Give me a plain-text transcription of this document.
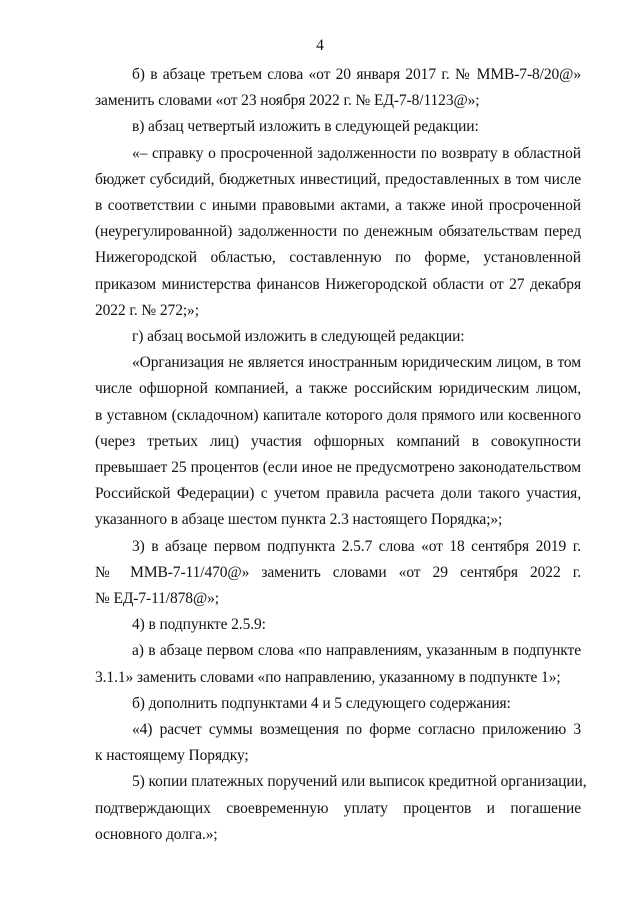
4

б) в абзаце третьем слова «от 20 января 2017 г. № ММВ-7-8/20@»
заменить словами «от 23 ноября 2022 г. № ЕД-7-8/1123@»;

в) абзац четвертый изложить в следующей редакции:

«– справку о просроченной задолженности по возврату в областной
бюджет субсидий, бюджетных инвестиций, предоставленных в том числе
в соответствии с иными правовыми актами, а также иной просроченной
(неурегулированной) задолженности по денежным обязательствам перед
Нижегородской областью, составленную по форме, установленной
приказом министерства финансов Нижегородской области от 27 декабря
2022 г. № 272;»;

г) абзац восьмой изложить в следующей редакции:

«Организация не является иностранным юридическим лицом, в том
числе офшорной компанией, а также российским юридическим лицом,
в уставном (складочном) капитале которого доля прямого или косвенного
(через третьих лиц) участия офшорных компаний в совокупности
превышает 25 процентов (если иное не предусмотрено законодательством
Российской Федерации) с учетом правила расчета доли такого участия,
указанного в абзаце шестом пункта 2.3 настоящего Порядка;»;

3) в абзаце первом подпункта 2.5.7 слова «от 18 сентября 2019 г.
№ ММВ-7-11/470@» заменить словами «от 29 сентября 2022 г.
№ ЕД-7-11/878@»;

4) в подпункте 2.5.9:

а) в абзаце первом слова «по направлениям, указанным в подпункте
3.1.1» заменить словами «по направлению, указанному в подпункте 1»;

б) дополнить подпунктами 4 и 5 следующего содержания:

«4) расчет суммы возмещения по форме согласно приложению 3
к настоящему Порядку;

5) копии платежных поручений или выписок кредитной организации,
подтверждающих своевременную уплату процентов и погашение
основного долга.»;
